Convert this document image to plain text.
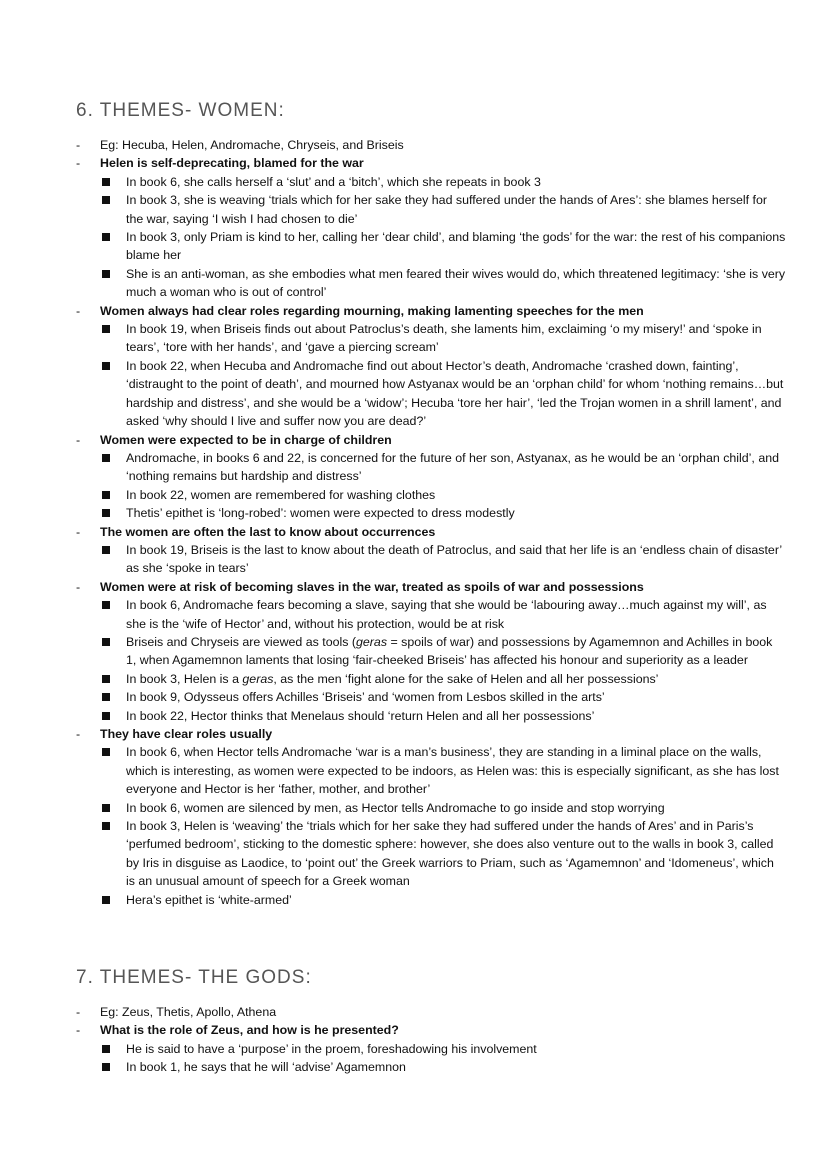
6. THEMES- WOMEN:
- Eg: Hecuba, Helen, Andromache, Chryseis, and Briseis
- Helen is self-deprecating, blamed for the war
In book 6, she calls herself a ‘slut’ and a ‘bitch’, which she repeats in book 3
In book 3, she is weaving ‘trials which for her sake they had suffered under the hands of Ares’: she blames herself for the war, saying ‘I wish I had chosen to die’
In book 3, only Priam is kind to her, calling her ‘dear child’, and blaming ‘the gods’ for the war: the rest of his companions blame her
She is an anti-woman, as she embodies what men feared their wives would do, which threatened legitimacy: ‘she is very much a woman who is out of control’
- Women always had clear roles regarding mourning, making lamenting speeches for the men
In book 19, when Briseis finds out about Patroclus’s death, she laments him, exclaiming ‘o my misery!’ and ‘spoke in tears’, ‘tore with her hands’, and ‘gave a piercing scream’
In book 22, when Hecuba and Andromache find out about Hector’s death, Andromache ‘crashed down, fainting’, ‘distraught to the point of death’, and mourned how Astyanax would be an ‘orphan child’ for whom ‘nothing remains…but hardship and distress’, and she would be a ‘widow’; Hecuba ‘tore her hair’, ‘led the Trojan women in a shrill lament’, and asked ‘why should I live and suffer now you are dead?’
- Women were expected to be in charge of children
Andromache, in books 6 and 22, is concerned for the future of her son, Astyanax, as he would be an ‘orphan child’, and ‘nothing remains but hardship and distress’
In book 22, women are remembered for washing clothes
Thetis’ epithet is ‘long-robed’: women were expected to dress modestly
- The women are often the last to know about occurrences
In book 19, Briseis is the last to know about the death of Patroclus, and said that her life is an ‘endless chain of disaster’ as she ‘spoke in tears’
- Women were at risk of becoming slaves in the war, treated as spoils of war and possessions
In book 6, Andromache fears becoming a slave, saying that she would be ‘labouring away…much against my will’, as she is the ‘wife of Hector’ and, without his protection, would be at risk
Briseis and Chryseis are viewed as tools (geras = spoils of war) and possessions by Agamemnon and Achilles in book 1, when Agamemnon laments that losing ‘fair-cheeked Briseis’ has affected his honour and superiority as a leader
In book 3, Helen is a geras, as the men ‘fight alone for the sake of Helen and all her possessions’
In book 9, Odysseus offers Achilles ‘Briseis’ and ‘women from Lesbos skilled in the arts’
In book 22, Hector thinks that Menelaus should ‘return Helen and all her possessions’
- They have clear roles usually
In book 6, when Hector tells Andromache ‘war is a man’s business’, they are standing in a liminal place on the walls, which is interesting, as women were expected to be indoors, as Helen was: this is especially significant, as she has lost everyone and Hector is her ‘father, mother, and brother’
In book 6, women are silenced by men, as Hector tells Andromache to go inside and stop worrying
In book 3, Helen is ‘weaving’ the ‘trials which for her sake they had suffered under the hands of Ares’ and in Paris’s ‘perfumed bedroom’, sticking to the domestic sphere: however, she does also venture out to the walls in book 3, called by Iris in disguise as Laodice, to ‘point out’ the Greek warriors to Priam, such as ‘Agamemnon’ and ‘Idomeneus’, which is an unusual amount of speech for a Greek woman
Hera’s epithet is ‘white-armed’
7. THEMES- THE GODS:
- Eg: Zeus, Thetis, Apollo, Athena
- What is the role of Zeus, and how is he presented?
He is said to have a ‘purpose’ in the proem, foreshadowing his involvement
In book 1, he says that he will ‘advise’ Agamemnon
